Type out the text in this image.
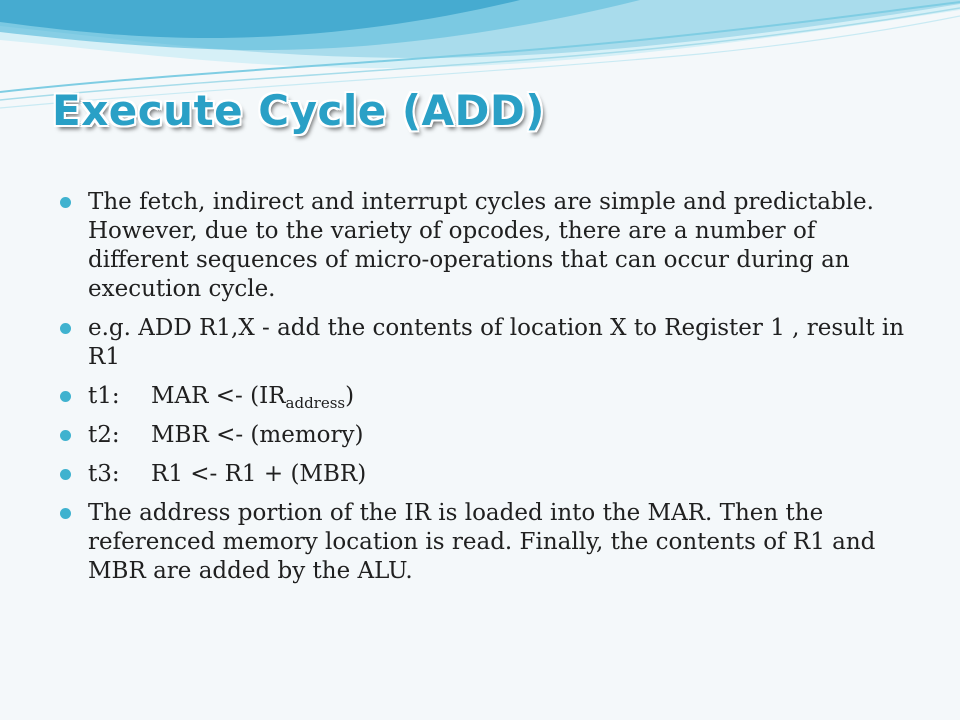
Execute Cycle (ADD)
The fetch, indirect and interrupt cycles are simple and predictable. However, due to the variety of opcodes, there are a number of different sequences of micro-operations that can occur during an execution cycle.
e.g. ADD R1,X - add the contents of location X to Register 1 , result in R1
t1: MAR <- $(IR_{address})$
t2: MBR <- (memory)
t3: R1 <- R1 + (MBR)
The address portion of the IR is loaded into the MAR. Then the referenced memory location is read. Finally, the contents of R1 and MBR are added by the ALU.
